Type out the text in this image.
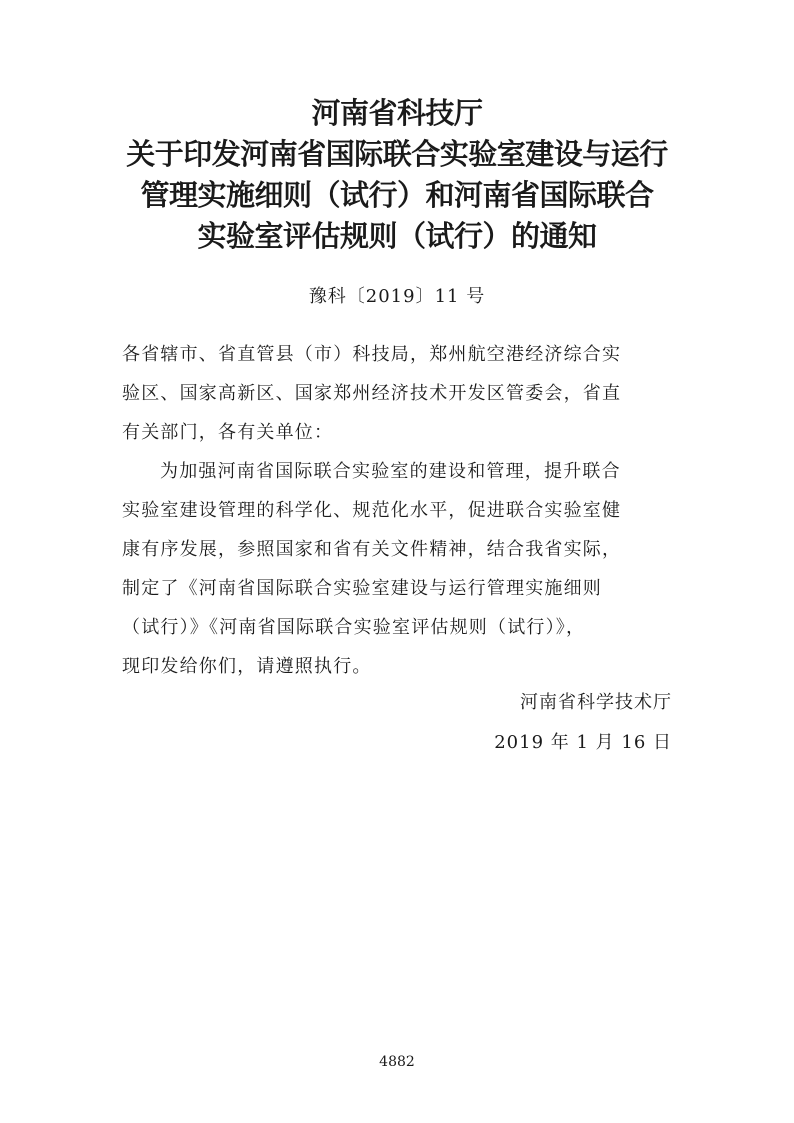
河南省科技厅
关于印发河南省国际联合实验室建设与运行
管理实施细则（试行）和河南省国际联合
实验室评估规则（试行）的通知
豫科〔2019〕11 号
各省辖市、省直管县（市）科技局，郑州航空港经济综合实
验区、国家高新区、国家郑州经济技术开发区管委会，省直
有关部门，各有关单位：
为加强河南省国际联合实验室的建设和管理，提升联合
实验室建设管理的科学化、规范化水平，促进联合实验室健
康有序发展，参照国家和省有关文件精神，结合我省实际，
制定了《河南省国际联合实验室建设与运行管理实施细则
（试行）》《河南省国际联合实验室评估规则（试行）》，
现印发给你们，请遵照执行。
河南省科学技术厅
2019 年 1 月 16 日
4882
